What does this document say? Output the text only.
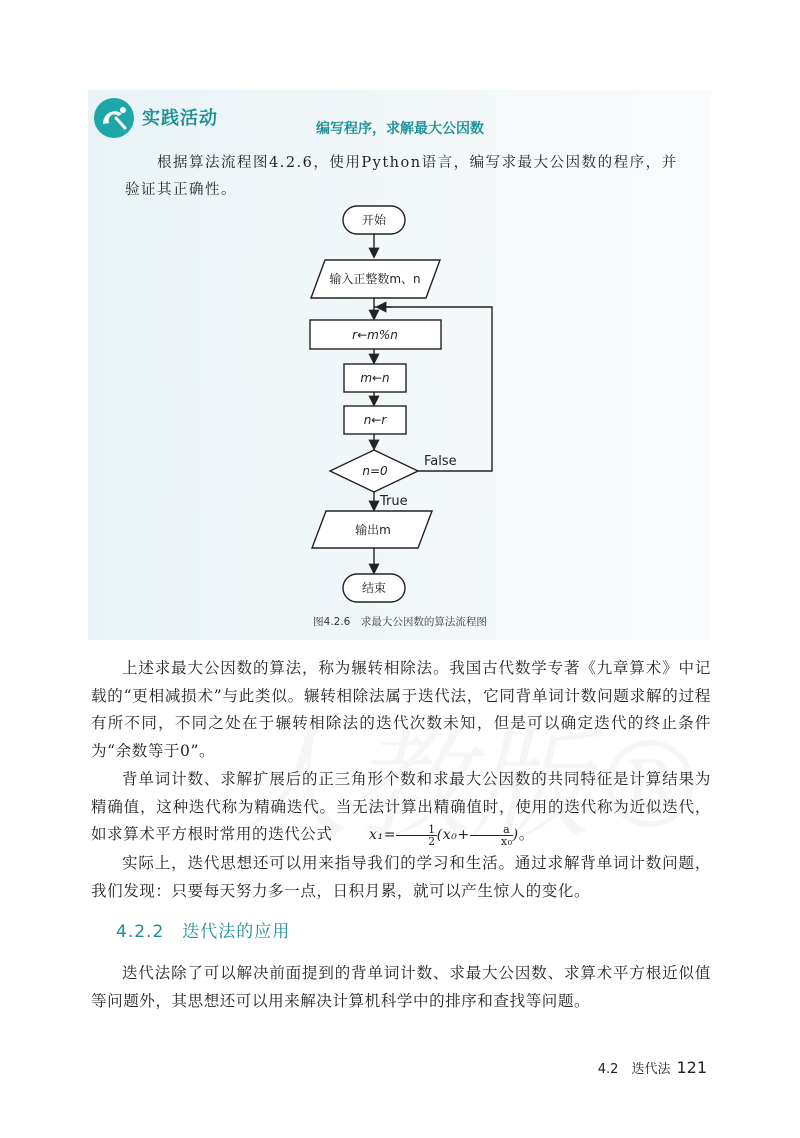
实践活动	编写程序，求解最大公因数
根据算法流程图4.2.6，使用Python语言，编写求最大公因数的程序，并验证其正确性。
开始
输入正整数m、n
r←m%n
m←n
n←r
n=0
False
True
输出m
结束
图4.2.6　求最大公因数的算法流程图
上述求最大公因数的算法，称为辗转相除法。我国古代数学专著《九章算术》中记载的“更相减损术”与此类似。辗转相除法属于迭代法，它同背单词计数问题求解的过程有所不同，不同之处在于辗转相除法的迭代次数未知，但是可以确定迭代的终止条件为“余数等于0”。
背单词计数、求解扩展后的正三角形个数和求最大公因数的共同特征是计算结果为精确值，这种迭代称为精确迭代。当无法计算出精确值时，使用的迭代称为近似迭代，如求算术平方根时常用的迭代公式	$x_1= \frac{1}{2} (x_0+ \frac{a}{\text{x₀}}$ )。
实际上，迭代思想还可以用来指导我们的学习和生活。通过求解背单词计数问题，我们发现：只要每天努力多一点，日积月累，就可以产生惊人的变化。
4.2.2 迭代法的应用
迭代法除了可以解决前面提到的背单词计数、求最大公因数、求算术平方根近似值等问题外，其思想还可以用来解决计算机科学中的排序和查找等问题。
4.2　迭代法 121
